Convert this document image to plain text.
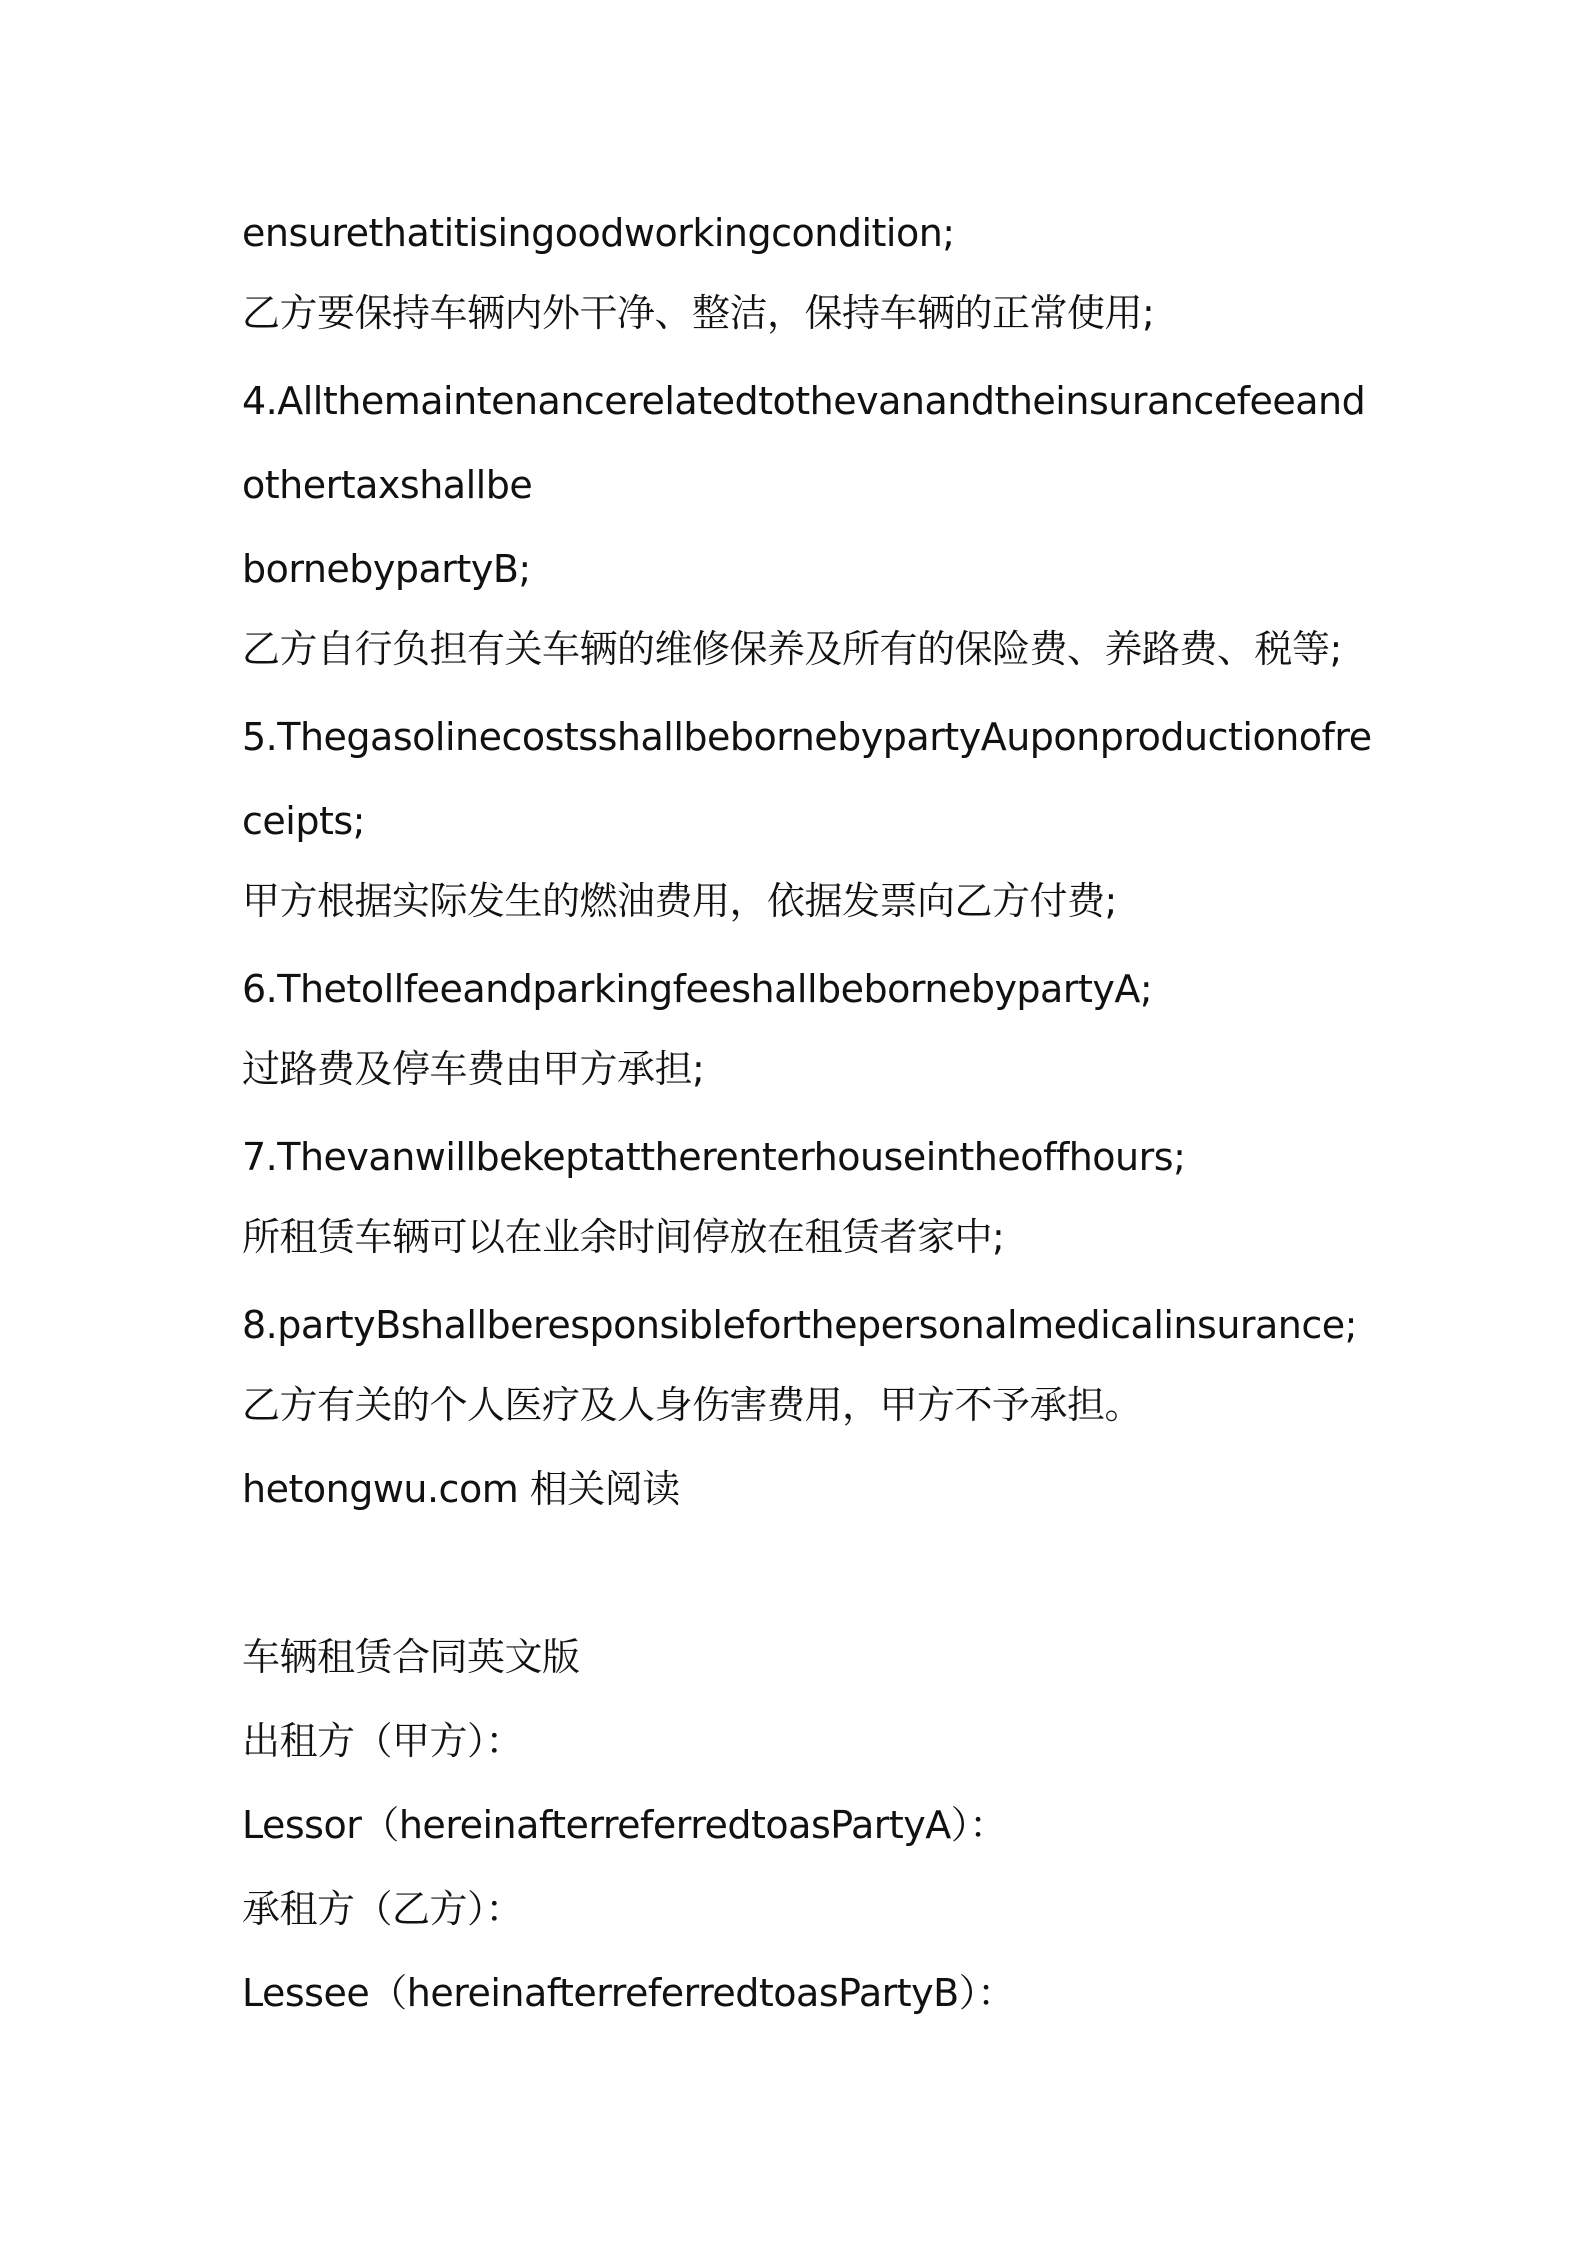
ensurethatitisingoodworkingcondition;

乙方要保持车辆内外干净、整洁，保持车辆的正常使用;

4.Allthemaintenancerelatedtothevanandtheinsurancefeeand

othertaxshallbe

bornebypartyB;

乙方自行负担有关车辆的维修保养及所有的保险费、养路费、税等;

5.ThegasolinecostsshallbebornebypartyAuponproductionofre

ceipts;

甲方根据实际发生的燃油费用，依据发票向乙方付费;

6.ThetollfeeandparkingfeeshallbebornebypartyA;

过路费及停车费由甲方承担;

7.Thevanwillbekeptattherenterhouseintheoffhours;

所租赁车辆可以在业余时间停放在租赁者家中;

8.partyBshallberesponsibleforthepersonalmedicalinsurance;

乙方有关的个人医疗及人身伤害费用，甲方不予承担。

hetongwu.com 相关阅读

车辆租赁合同英文版

出租方（甲方）：

Lessor（hereinafterreferredtoasPartyA）：

承租方（乙方）：

Lessee（hereinafterreferredtoasPartyB）：
